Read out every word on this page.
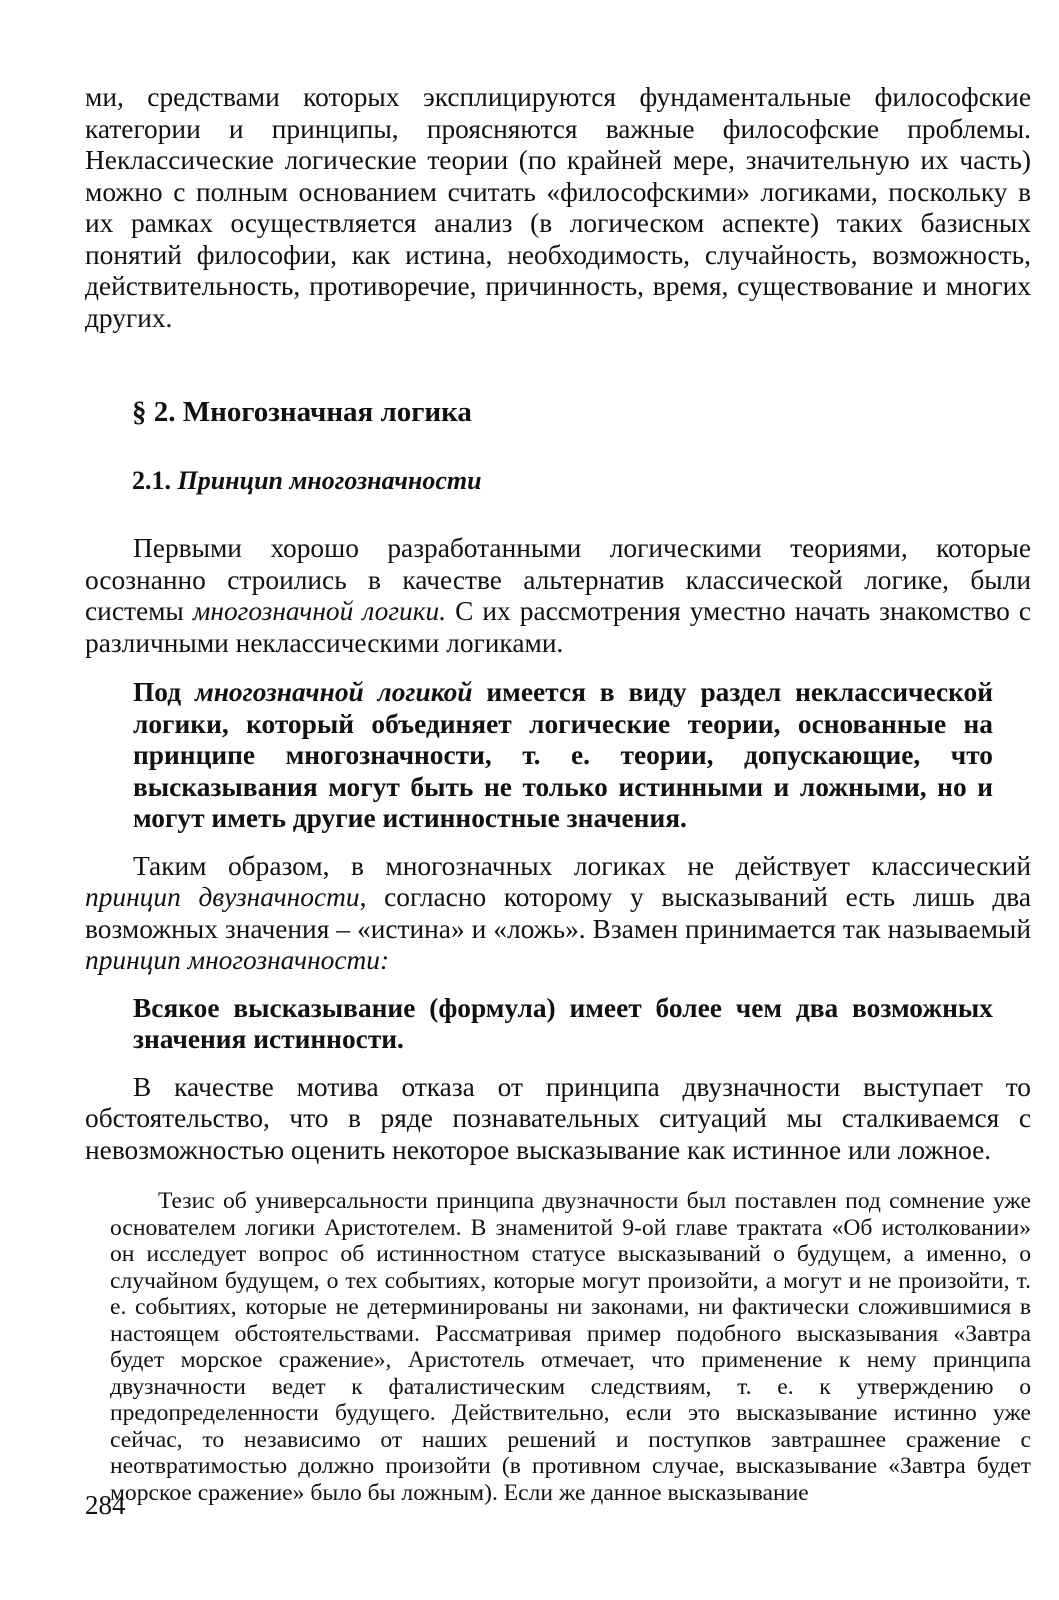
ми, средствами которых эксплицируются фундаментальные философские категории и принципы, проясняются важные философские проблемы. Неклассические логические теории (по крайней мере, значительную их часть) можно с полным основанием считать «философскими» логиками, поскольку в их рамках осуществляется анализ (в логическом аспекте) таких базисных понятий философии, как истина, необходимость, случайность, возможность, действительность, противоречие, причинность, время, существование и многих других.

§ 2. Многозначная логика

2.1. Принцип многозначности

Первыми хорошо разработанными логическими теориями, которые осознанно строились в качестве альтернатив классической логике, были системы многозначной логики. С их рассмотрения уместно начать знакомство с различными неклассическими логиками.

Под многозначной логикой имеется в виду раздел неклассической логики, который объединяет логические теории, основанные на принципе многозначности, т. е. теории, допускающие, что высказывания могут быть не только истинными и ложными, но и могут иметь другие истинностные значения.

Таким образом, в многозначных логиках не действует классический принцип двузначности, согласно которому у высказываний есть лишь два возможных значения – «истина» и «ложь». Взамен принимается так называемый принцип многозначности:

Всякое высказывание (формула) имеет более чем два возможных значения истинности.

В качестве мотива отказа от принципа двузначности выступает то обстоятельство, что в ряде познавательных ситуаций мы сталкиваемся с невозможностью оценить некоторое высказывание как истинное или ложное.

Тезис об универсальности принципа двузначности был поставлен под сомнение уже основателем логики Аристотелем. В знаменитой 9-ой главе трактата «Об истолковании» он исследует вопрос об истинностном статусе высказываний о будущем, а именно, о случайном будущем, о тех событиях, которые могут произойти, а могут и не произойти, т. е. событиях, которые не детерминированы ни законами, ни фактически сложившимися в настоящем обстоятельствами. Рассматривая пример подобного высказывания «Завтра будет морское сражение», Аристотель отмечает, что применение к нему принципа двузначности ведет к фаталистическим следствиям, т. е. к утверждению о предопределенности будущего. Действительно, если это высказывание истинно уже сейчас, то независимо от наших решений и поступков завтрашнее сражение с неотвратимостью должно произойти (в противном случае, высказывание «Завтра будет морское сражение» было бы ложным). Если же данное высказывание

284
